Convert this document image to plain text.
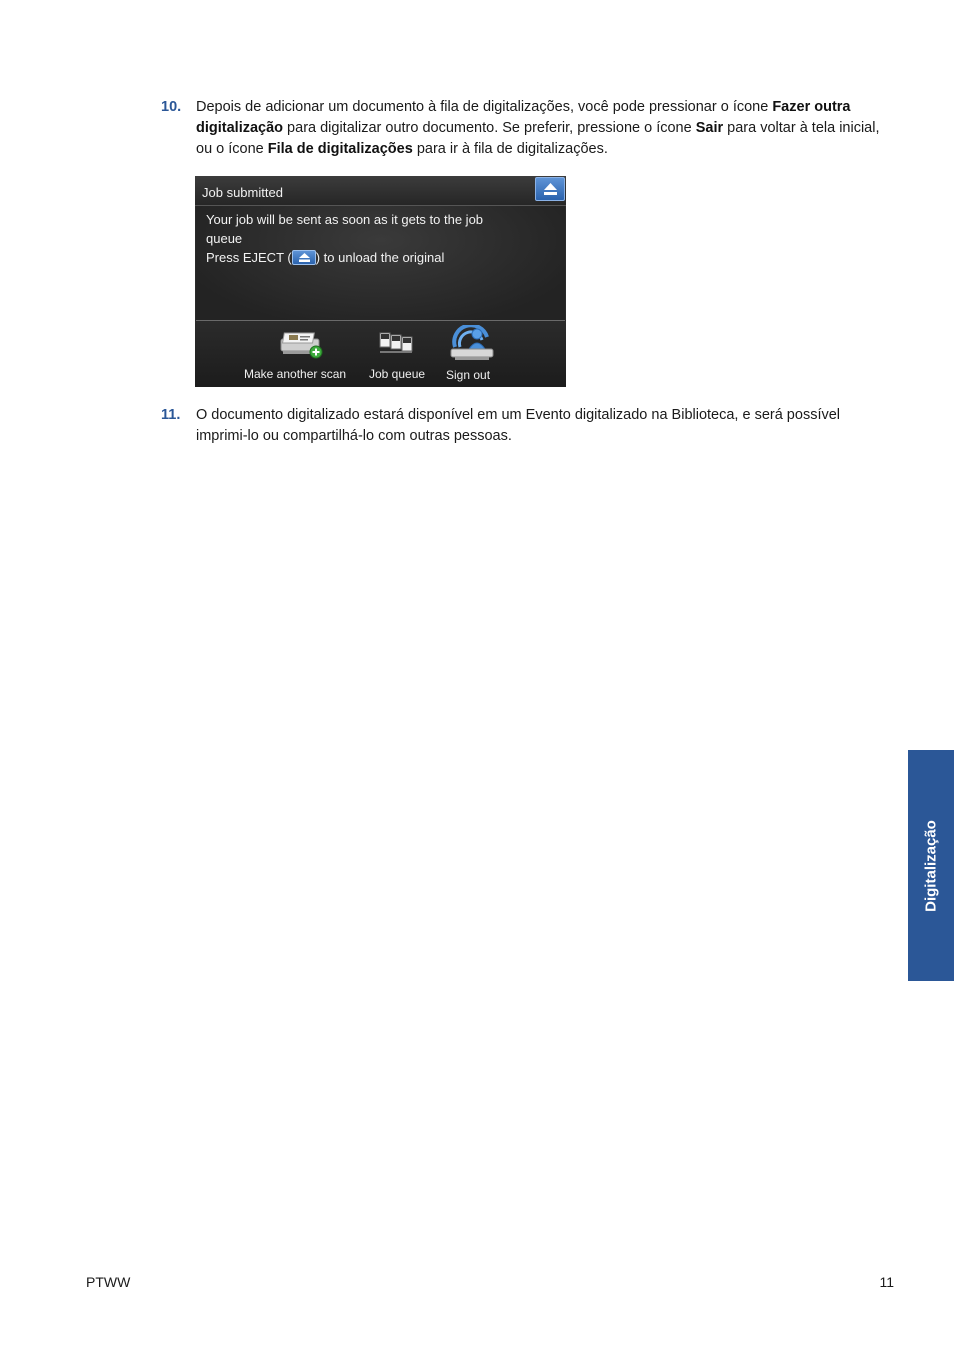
10.	Depois de adicionar um documento à fila de digitalizações, você pode pressionar o ícone Fazer outra digitalização para digitalizar outro documento. Se preferir, pressione o ícone Sair para voltar à tela inicial, ou o ícone Fila de digitalizações para ir à fila de digitalizações.
Job submitted
Your job will be sent as soon as it gets to the job
queue
Press EJECT ( ) to unload the original
Make another scan Job queue Sign out
11.	O documento digitalizado estará disponível em um Evento digitalizado na Biblioteca, e será possível imprimi-lo ou compartilhá-lo com outras pessoas.
Digitalização
PTWW	11
